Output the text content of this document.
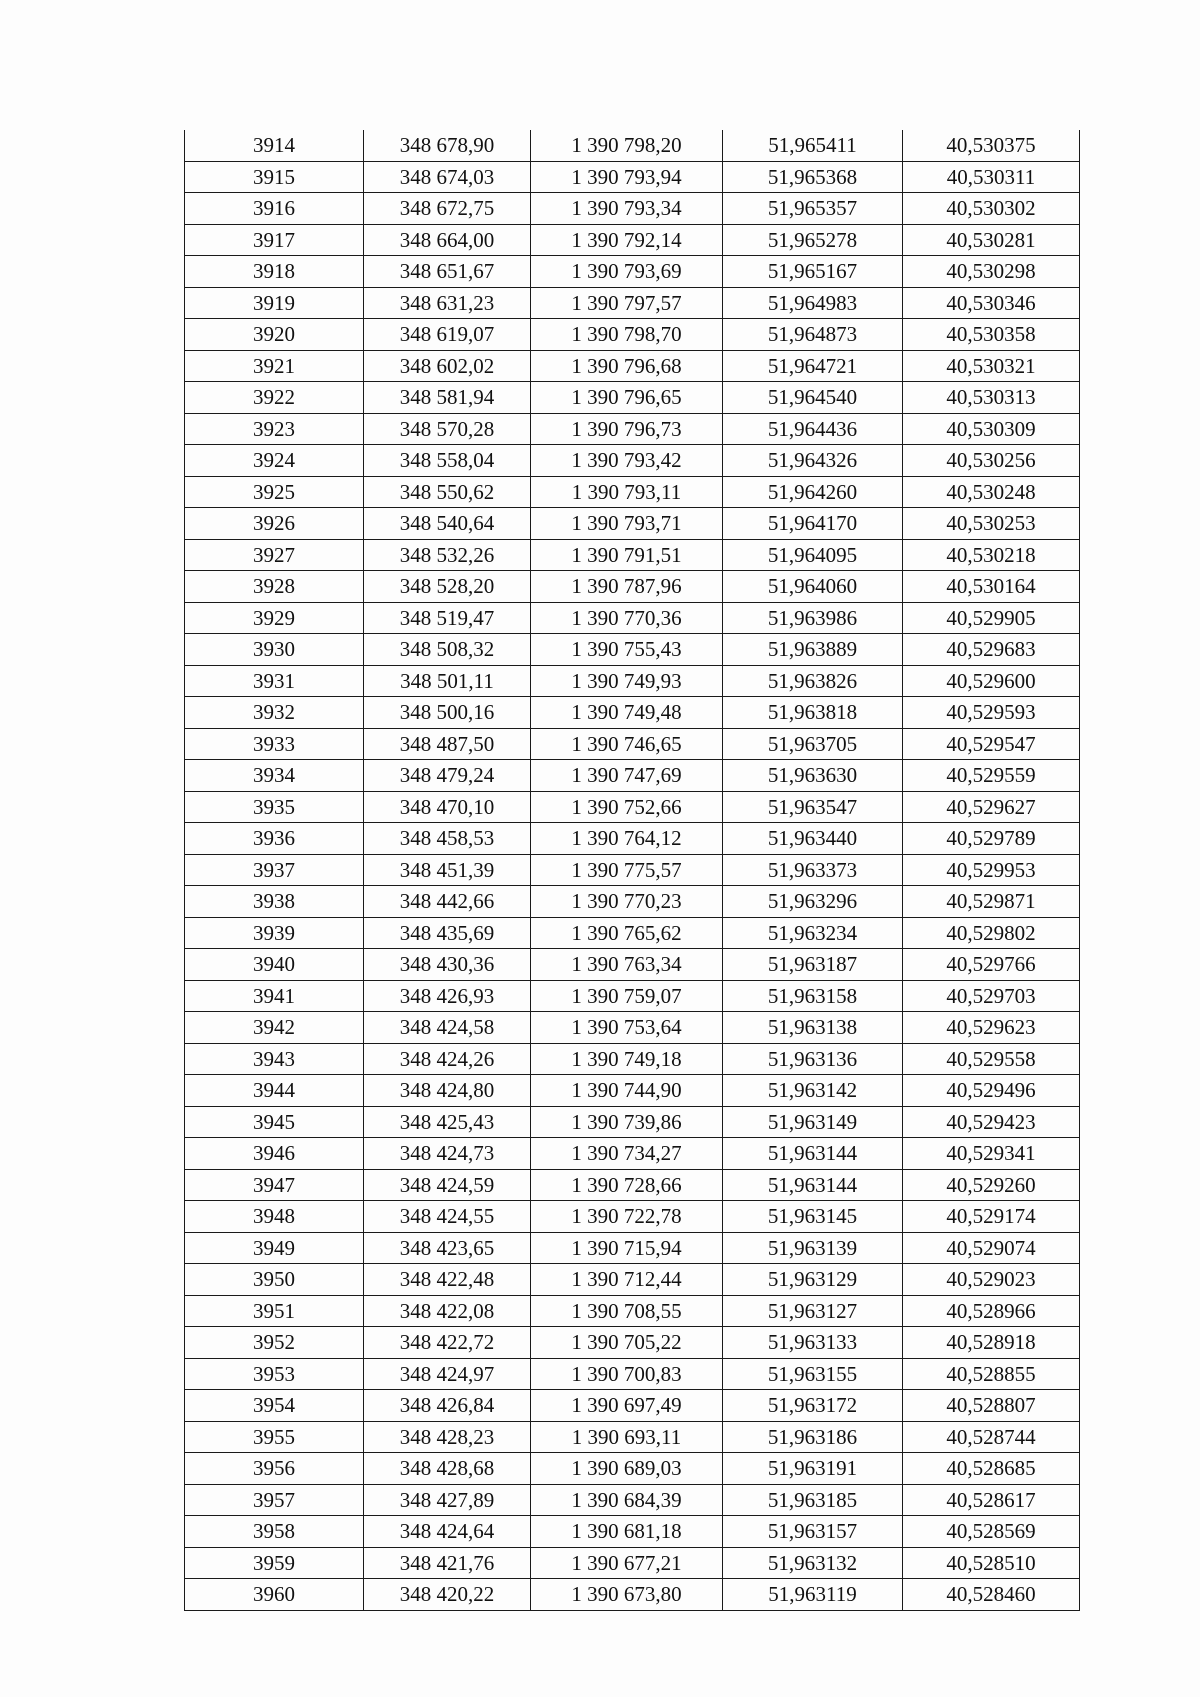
3914	348 678,90	1 390 798,20	51,965411	40,530375
3915	348 674,03	1 390 793,94	51,965368	40,530311
3916	348 672,75	1 390 793,34	51,965357	40,530302
3917	348 664,00	1 390 792,14	51,965278	40,530281
3918	348 651,67	1 390 793,69	51,965167	40,530298
3919	348 631,23	1 390 797,57	51,964983	40,530346
3920	348 619,07	1 390 798,70	51,964873	40,530358
3921	348 602,02	1 390 796,68	51,964721	40,530321
3922	348 581,94	1 390 796,65	51,964540	40,530313
3923	348 570,28	1 390 796,73	51,964436	40,530309
3924	348 558,04	1 390 793,42	51,964326	40,530256
3925	348 550,62	1 390 793,11	51,964260	40,530248
3926	348 540,64	1 390 793,71	51,964170	40,530253
3927	348 532,26	1 390 791,51	51,964095	40,530218
3928	348 528,20	1 390 787,96	51,964060	40,530164
3929	348 519,47	1 390 770,36	51,963986	40,529905
3930	348 508,32	1 390 755,43	51,963889	40,529683
3931	348 501,11	1 390 749,93	51,963826	40,529600
3932	348 500,16	1 390 749,48	51,963818	40,529593
3933	348 487,50	1 390 746,65	51,963705	40,529547
3934	348 479,24	1 390 747,69	51,963630	40,529559
3935	348 470,10	1 390 752,66	51,963547	40,529627
3936	348 458,53	1 390 764,12	51,963440	40,529789
3937	348 451,39	1 390 775,57	51,963373	40,529953
3938	348 442,66	1 390 770,23	51,963296	40,529871
3939	348 435,69	1 390 765,62	51,963234	40,529802
3940	348 430,36	1 390 763,34	51,963187	40,529766
3941	348 426,93	1 390 759,07	51,963158	40,529703
3942	348 424,58	1 390 753,64	51,963138	40,529623
3943	348 424,26	1 390 749,18	51,963136	40,529558
3944	348 424,80	1 390 744,90	51,963142	40,529496
3945	348 425,43	1 390 739,86	51,963149	40,529423
3946	348 424,73	1 390 734,27	51,963144	40,529341
3947	348 424,59	1 390 728,66	51,963144	40,529260
3948	348 424,55	1 390 722,78	51,963145	40,529174
3949	348 423,65	1 390 715,94	51,963139	40,529074
3950	348 422,48	1 390 712,44	51,963129	40,529023
3951	348 422,08	1 390 708,55	51,963127	40,528966
3952	348 422,72	1 390 705,22	51,963133	40,528918
3953	348 424,97	1 390 700,83	51,963155	40,528855
3954	348 426,84	1 390 697,49	51,963172	40,528807
3955	348 428,23	1 390 693,11	51,963186	40,528744
3956	348 428,68	1 390 689,03	51,963191	40,528685
3957	348 427,89	1 390 684,39	51,963185	40,528617
3958	348 424,64	1 390 681,18	51,963157	40,528569
3959	348 421,76	1 390 677,21	51,963132	40,528510
3960	348 420,22	1 390 673,80	51,963119	40,528460
